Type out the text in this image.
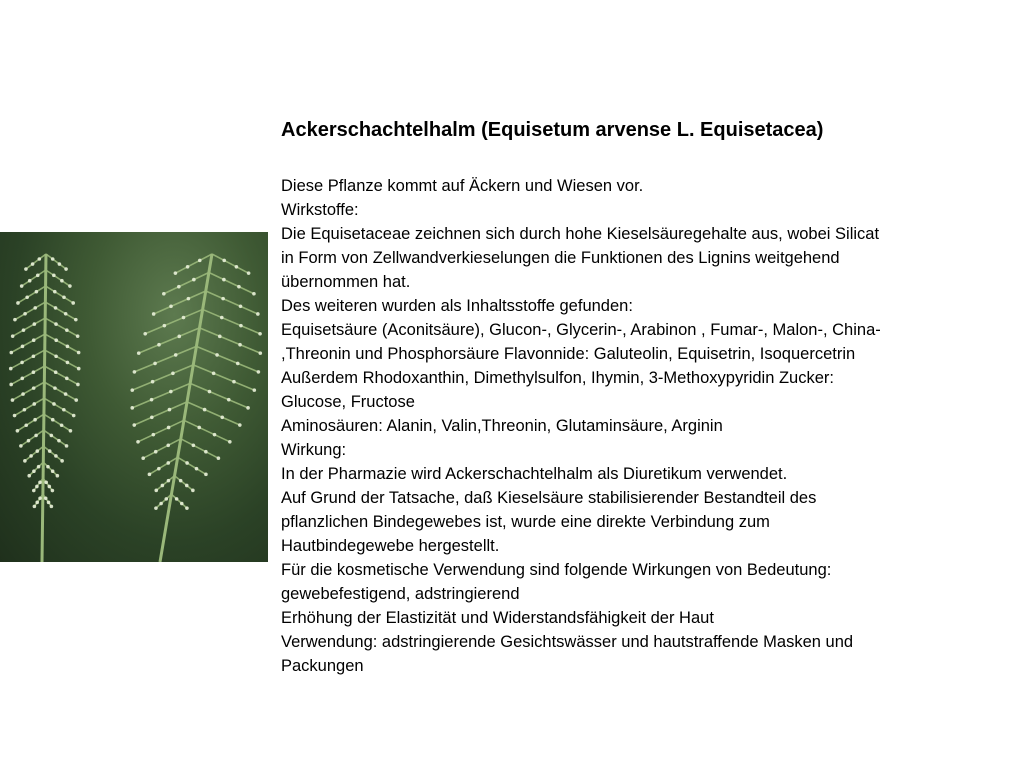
Ackerschachtelhalm (Equisetum arvense L. Equisetacea)
Diese Pflanze kommt auf Äckern und Wiesen vor.
Wirkstoffe:
Die Equisetaceae zeichnen sich durch hohe Kieselsäuregehalte aus, wobei Silicat
in Form von Zellwandverkieselungen die Funktionen des Lignins weitgehend
übernommen hat.
Des weiteren wurden als Inhaltsstoffe gefunden:
Equisetsäure (Aconitsäure), Glucon-, Glycerin-, Arabinon , Fumar-, Malon-, China-
,Threonin und Phosphorsäure Flavonnide: Galuteolin, Equisetrin, Isoquercetrin
Außerdem Rhodoxanthin, Dimethylsulfon, Ihymin, 3-Methoxypyridin Zucker:
Glucose, Fructose
Aminosäuren: Alanin, Valin,Threonin, Glutaminsäure, Arginin
Wirkung:
In der Pharmazie wird Ackerschachtelhalm als Diuretikum verwendet.
Auf Grund der Tatsache, daß Kieselsäure stabilisierender Bestandteil des
pflanzlichen Bindegewebes ist, wurde eine direkte Verbindung zum
Hautbindegewebe hergestellt.
Für die kosmetische Verwendung sind folgende Wirkungen von Bedeutung:
gewebefestigend, adstringierend
Erhöhung der Elastizität und Widerstandsfähigkeit der Haut
Verwendung: adstringierende Gesichtswässer und hautstraffende Masken und
Packungen
